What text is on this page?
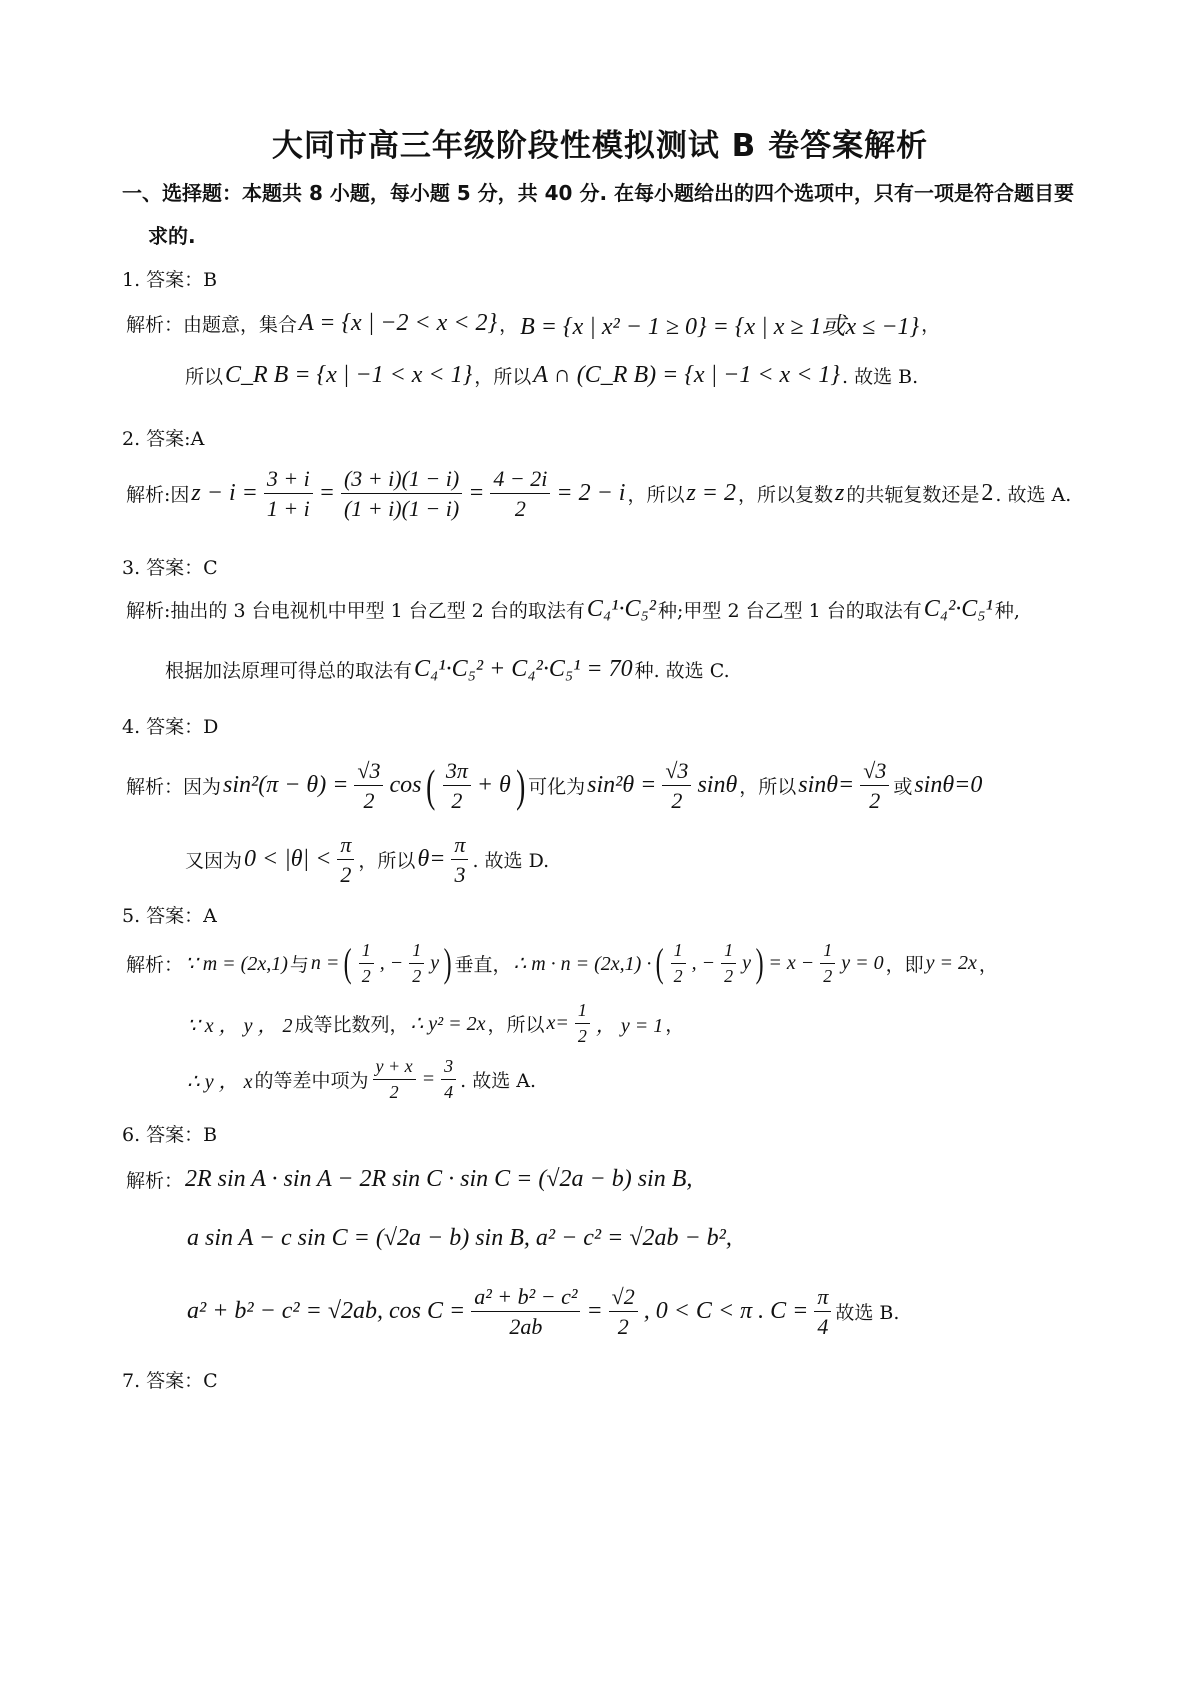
大同市高三年级阶段性模拟测试 B 卷答案解析
一、选择题：本题共 8 小题，每小题 5 分，共 40 分. 在每小题给出的四个选项中，只有一项是符合题目要
求的.
1. 答案：B
解析：由题意，集合 A = {x | −2 < x < 2} ， B = {x | x² − 1 ≥ 0} = {x | x ≥ 1或x ≤ −1} ，
所以 C_R B = {x | −1 < x < 1} ，所以 A ∩ (C_R B) = {x | −1 < x < 1} . 故选 B.
2. 答案:A
解析:因 $z - i = \frac{3 + i}{1 + i} = \frac{(3 + i)(1 - i)}{(1 + i)(1 - i)} = \frac{4 - 2i}{2} = 2 - i$ ，所以 z = 2 ，所以复数 z 的共轭复数还是 2 . 故选 A.
3. 答案：C
解析:抽出的 3 台电视机中甲型 1 台乙型 2 台的取法有 C₄¹·C₅² 种;甲型 2 台乙型 1 台的取法有 C₄²·C₅¹ 种,
根据加法原理可得总的取法有 C₄¹·C₅² + C₄²·C₅¹ = 70 种. 故选 C.
4. 答案：D
解析：因为 $\sin^2(\pi - \theta) = \frac{√3}{2}$ cos ( $\frac{3\pi}{2} + \theta$ ) 可化为 $\sin^2\theta = \frac{√3}{2}$ sinθ ，所以 $\sin\theta= \frac{√3}{2}$ 或 sinθ=0
又因为 $0 < |\theta| < \frac{\pi}{2}$ ，所以 $\theta= \frac{\pi}{3}$ . 故选 D.
5. 答案：A
解析： ∵ m = (2x,1) 与 n = ( $\frac{1}{2}$ , − $\frac{1}{2}$ y ) 垂直， ∴ m · n = (2x,1) · ( $\frac{1}{2}$ , − $\frac{1}{2}$ y ) = $x - \frac{1}{2}$ y = 0 ，即 y = 2x ，
∵ x ， y ， 2 成等比数列， ∴ y² = 2x ，所以 $x= \frac{1}{2}$ ， y = 1 ，
∴ y ， x 的等差中项为 $\frac{y + x}{2} = \frac{3}{4}$ . 故选 A.
6. 答案：B
解析： 2R sin A · sin A − 2R sin C · sin C = (√2a − b) sin B,
a sin A − c sin C = (√2a − b) sin B, a² − c² = √2ab − b²,
a² + b² − c² = √2ab, $\cos C = \frac{\text{a² + b² − c²}}{2ab} = \frac{√2}{2}$ , 0 < C < π . $C = \frac{\pi}{4}$ 故选 B.
7. 答案：C
